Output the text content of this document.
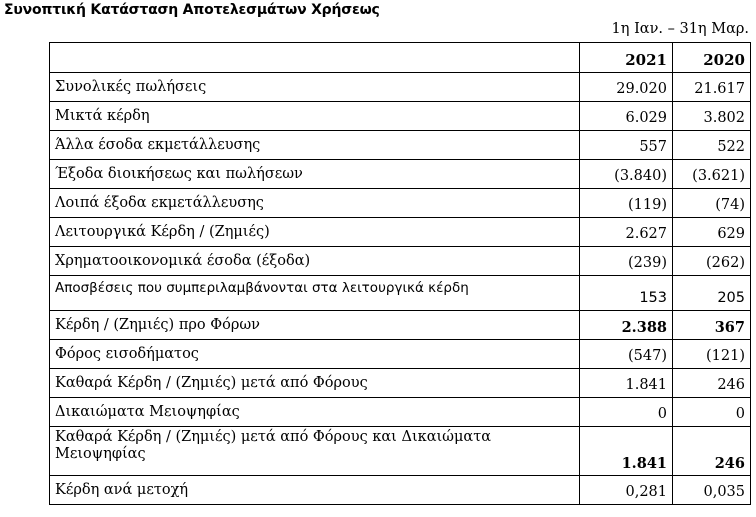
Συνοπτική Κατάσταση Αποτελεσμάτων Χρήσεως
1η Ιαν. – 31η Μαρ.
	2021	2020
Συνολικές πωλήσεις	29.020	21.617
Μικτά κέρδη	6.029	3.802
Άλλα έσοδα εκμετάλλευσης	557	522
Έξοδα διοικήσεως και πωλήσεων	(3.840)	(3.621)
Λοιπά έξοδα εκμετάλλευσης	(119)	(74)
Λειτουργικά Κέρδη / (Ζημιές)	2.627	629
Χρηματοοικονομικά έσοδα (έξοδα)	(239)	(262)
Αποσβέσεις που συμπεριλαμβάνονται στα λειτουργικά κέρδη	153	205
Κέρδη / (Ζημιές) προ Φόρων	2.388	367
Φόρος εισοδήματος	(547)	(121)
Καθαρά Κέρδη / (Ζημιές) μετά από Φόρους	1.841	246
Δικαιώματα Μειοψηφίας	0	0
Καθαρά Κέρδη / (Ζημιές) μετά από Φόρους και Δικαιώματα Μειοψηφίας	1.841	246
Κέρδη ανά μετοχή	0,281	0,035
